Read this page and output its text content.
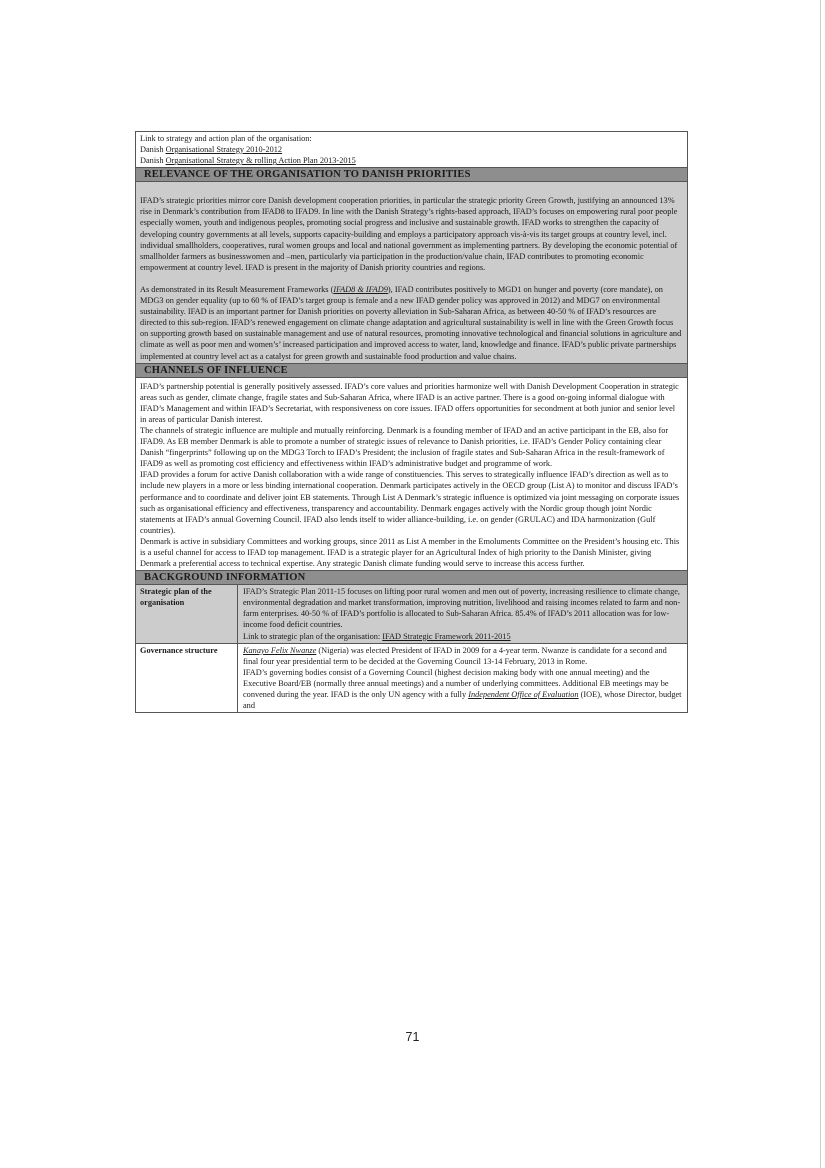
Link to strategy and action plan of the organisation:

Danish Organisational Strategy 2010-2012

Danish Organisational Strategy & rolling Action Plan 2013-2015

RELEVANCE OF THE ORGANISATION TO DANISH PRIORITIES

IFAD’s strategic priorities mirror core Danish development cooperation priorities, in particular the strategic priority Green Growth, justifying an announced 13% rise in Denmark’s contribution from IFAD8 to IFAD9. In line with the Danish Strategy’s rights-based approach, IFAD’s focuses on empowering rural poor people especially women, youth and indigenous peoples, promoting social progress and inclusive and sustainable growth. IFAD works to strengthen the capacity of developing country governments at all levels, supports capacity-building and employs a participatory approach vis-à-vis its target groups at country level, incl. individual smallholders, cooperatives, rural women groups and local and national government as implementing partners. By developing the economic potential of smallholder farmers as businesswomen and –men, particularly via participation in the production/value chain, IFAD contributes to promoting economic empowerment at country level. IFAD is present in the majority of Danish priority countries and regions.

As demonstrated in its Result Measurement Frameworks (IFAD8 & IFAD9), IFAD contributes positively to MGD1 on hunger and poverty (core mandate), on MDG3 on gender equality (up to 60 % of IFAD’s target group is female and a new IFAD gender policy was approved in 2012) and MDG7 on environmental sustainability. IFAD is an important partner for Danish priorities on poverty alleviation in Sub-Saharan Africa, as between 40-50 % of IFAD’s resources are directed to this sub-region. IFAD’s renewed engagement on climate change adaptation and agricultural sustainability is well in line with the Green Growth focus on supporting growth based on sustainable management and use of natural resources, promoting innovative technological and financial solutions in agriculture and climate as well as poor men and women’s’ increased participation and improved access to water, land, knowledge and finance. IFAD’s public private partnerships implemented at country level act as a catalyst for green growth and sustainable food production and value chains.

CHANNELS OF INFLUENCE

IFAD’s partnership potential is generally positively assessed. IFAD’s core values and priorities harmonize well with Danish Development Cooperation in strategic areas such as gender, climate change, fragile states and Sub-Saharan Africa, where IFAD is an active partner. There is a good on-going informal dialogue with IFAD’s Management and within IFAD’s Secretariat, with responsiveness on core issues. IFAD offers opportunities for secondment at both junior and senior level in areas of particular Danish interest.

The channels of strategic influence are multiple and mutually reinforcing. Denmark is a founding member of IFAD and an active participant in the EB, also for IFAD9. As EB member Denmark is able to promote a number of strategic issues of relevance to Danish priorities, i.e. IFAD’s Gender Policy containing clear Danish “fingerprints” following up on the MDG3 Torch to IFAD’s President; the inclusion of fragile states and Sub-Saharan Africa in the result-framework of IFAD9 as well as promoting cost efficiency and effectiveness within IFAD’s administrative budget and programme of work.

IFAD provides a forum for active Danish collaboration with a wide range of constituencies. This serves to strategically influence IFAD’s direction as well as to include new players in a more or less binding international cooperation. Denmark participates actively in the OECD group (List A) to monitor and discuss IFAD’s performance and to coordinate and deliver joint EB statements. Through List A Denmark’s strategic influence is optimized via joint messaging on corporate issues such as organisational efficiency and effectiveness, transparency and accountability. Denmark engages actively with the Nordic group though joint Nordic statements at IFAD’s annual Governing Council. IFAD also lends itself to wider alliance-building, i.e. on gender (GRULAC) and IDA harmonization (Gulf countries).

Denmark is active in subsidiary Committees and working groups, since 2011 as List A member in the Emoluments Committee on the President’s housing etc. This is a useful channel for access to IFAD top management. IFAD is a strategic player for an Agricultural Index of high priority to the Danish Minister, giving Denmark a preferential access to technical expertise. Any strategic Danish climate funding would serve to increase this access further.

BACKGROUND INFORMATION
Strategic plan of the organisation

IFAD’s Strategic Plan 2011-15 focuses on lifting poor rural women and men out of poverty, increasing resilience to climate change, environmental degradation and market transformation, improving nutrition, livelihood and raising incomes related to farm and non-farm enterprises. 40-50 % of IFAD’s portfolio is allocated to Sub-Saharan Africa. 85.4% of IFAD’s 2011 allocation was for low-income food deficit countries.

Link to strategic plan of the organisation: IFAD Strategic Framework 2011-2015

Governance structure	Kanayo Felix Nwanze (Nigeria) was elected President of IFAD in 2009 for a 4-year term. Nwanze is candidate for a second and final four year presidential term to be decided at the Governing Council 13-14 February, 2013 in Rome.

IFAD’s governing bodies consist of a Governing Council (highest decision making body with one annual meeting) and the Executive Board/EB (normally three annual meetings) and a number of underlying committees. Additional EB meetings may be convened during the year. IFAD is the only UN agency with a fully Independent Office of Evaluation (IOE), whose Director, budget and

71
